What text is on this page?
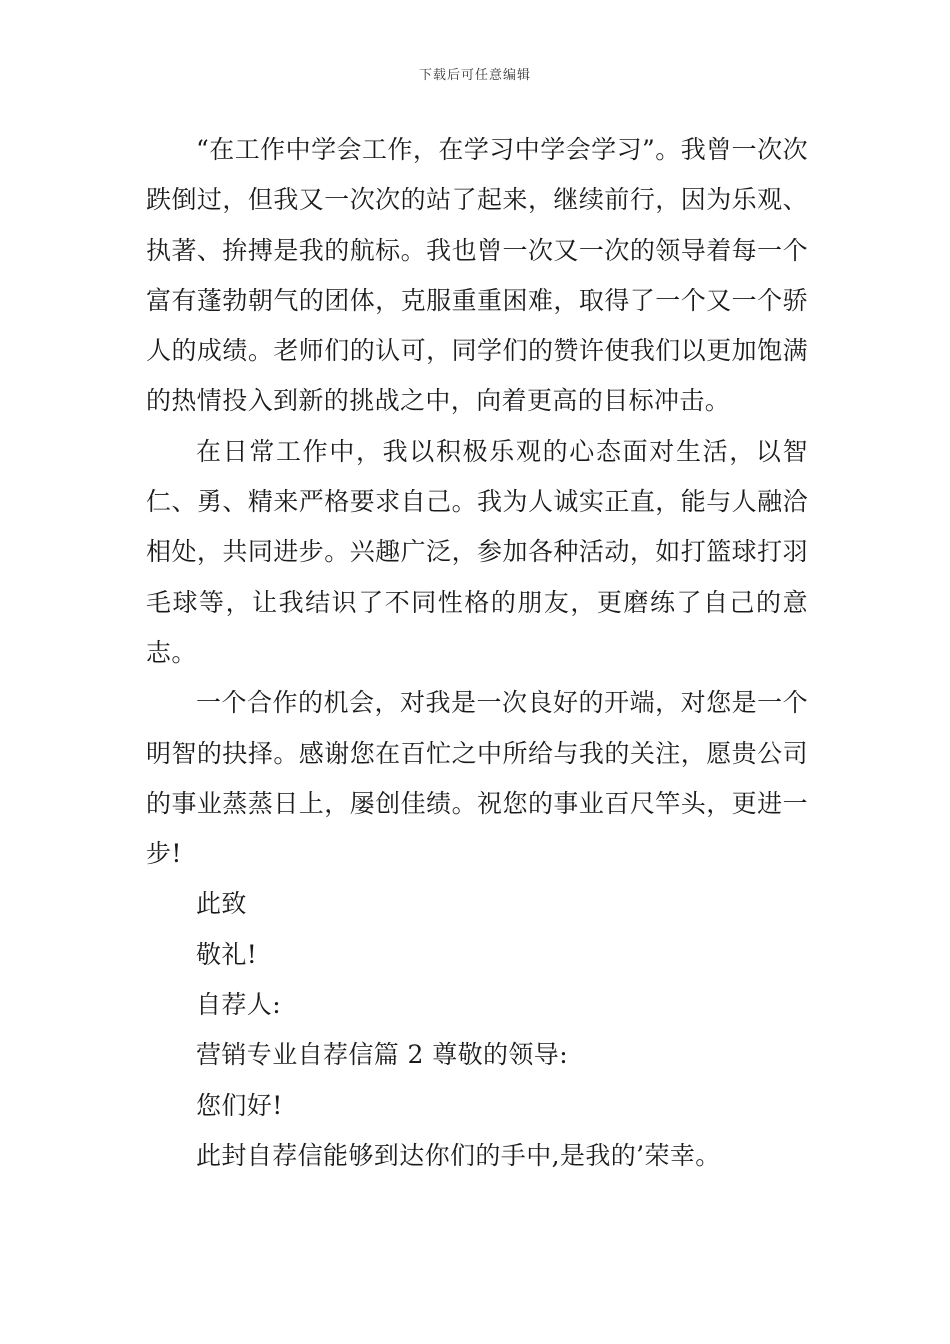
下载后可任意编辑

“在工作中学会工作，在学习中学会学习”。我曾一次次跌倒过，但我又一次次的站了起来，继续前行，因为乐观、执著、拚搏是我的航标。我也曾一次又一次的领导着每一个富有蓬勃朝气的团体，克服重重困难，取得了一个又一个骄人的成绩。老师们的认可，同学们的赞许使我们以更加饱满的热情投入到新的挑战之中，向着更高的目标冲击。

在日常工作中，我以积极乐观的心态面对生活，以智仁、勇、精来严格要求自己。我为人诚实正直，能与人融洽相处，共同进步。兴趣广泛，参加各种活动，如打篮球打羽毛球等，让我结识了不同性格的朋友，更磨练了自己的意志。

一个合作的机会，对我是一次良好的开端，对您是一个明智的抉择。感谢您在百忙之中所给与我的关注，愿贵公司的事业蒸蒸日上，屡创佳绩。祝您的事业百尺竿头，更进一步!

此致

敬礼!

自荐人:

营销专业自荐信篇 2 尊敬的领导:

您们好!

此封自荐信能够到达你们的手中,是我的’荣幸。
